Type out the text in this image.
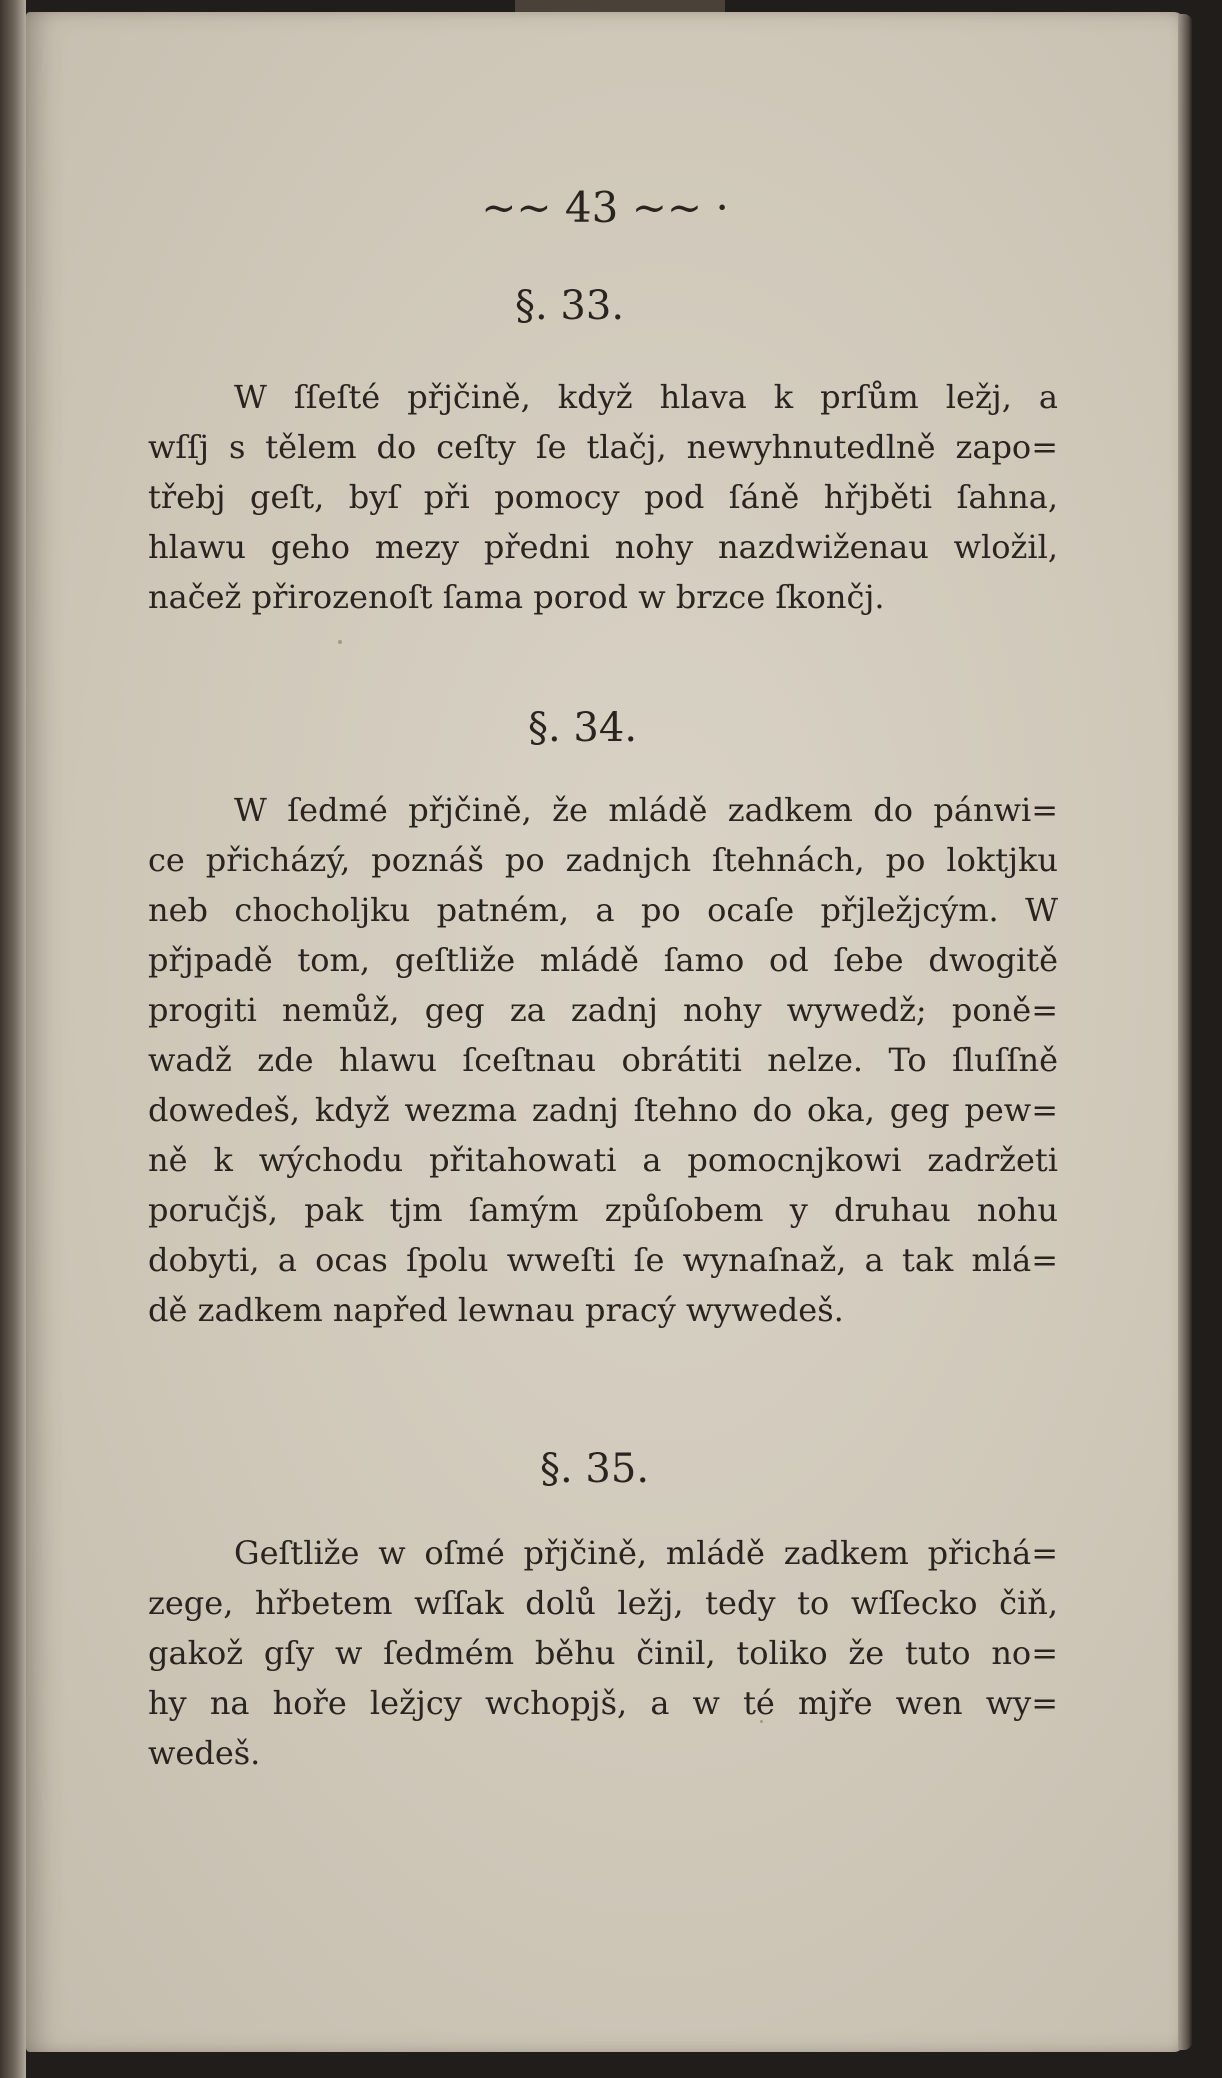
~~ 43 ~~ ·
§. 33.
W ſſeſté přjčině, když hlava k prſům ležj, a
wſſj s tělem do ceſty ſe tlačj, newyhnutedlně zapo=
třebj geſt, byſ při pomocy pod ſáně hřjběti ſahna,
hlawu geho mezy předni nohy nazdwiženau wložil,
načež přirozenoſt ſama porod w brzce ſkončj.
§. 34.
W ſedmé přjčině, že mládě zadkem do pánwi=
ce přicházý, poznáš po zadnjch ſtehnách, po loktjku
neb chocholjku patném, a po ocaſe přjležjcým. W
přjpadě tom, geſtliže mládě ſamo od ſebe dwogitě
progiti nemůž, geg za zadnj nohy wywedž; poně=
wadž zde hlawu ſceſtnau obrátiti nelze. To ſluſſně
dowedeš, když wezma zadnj ſtehno do oka, geg pew=
ně k wýchodu přitahowati a pomocnjkowi zadržeti
poručjš, pak tjm ſamým způſobem y druhau nohu
dobyti, a ocas ſpolu wweſti ſe wynaſnaž, a tak mlá=
dě zadkem napřed lewnau pracý wywedeš.
§. 35.
Geſtliže w oſmé přjčině, mládě zadkem přichá=
zege, hřbetem wſſak dolů ležj, tedy to wſſecko čiň,
gakož gſy w ſedmém běhu činil, toliko že tuto no=
hy na hoře ležjcy wchopjš, a w té mjře wen wy=
wedeš.
